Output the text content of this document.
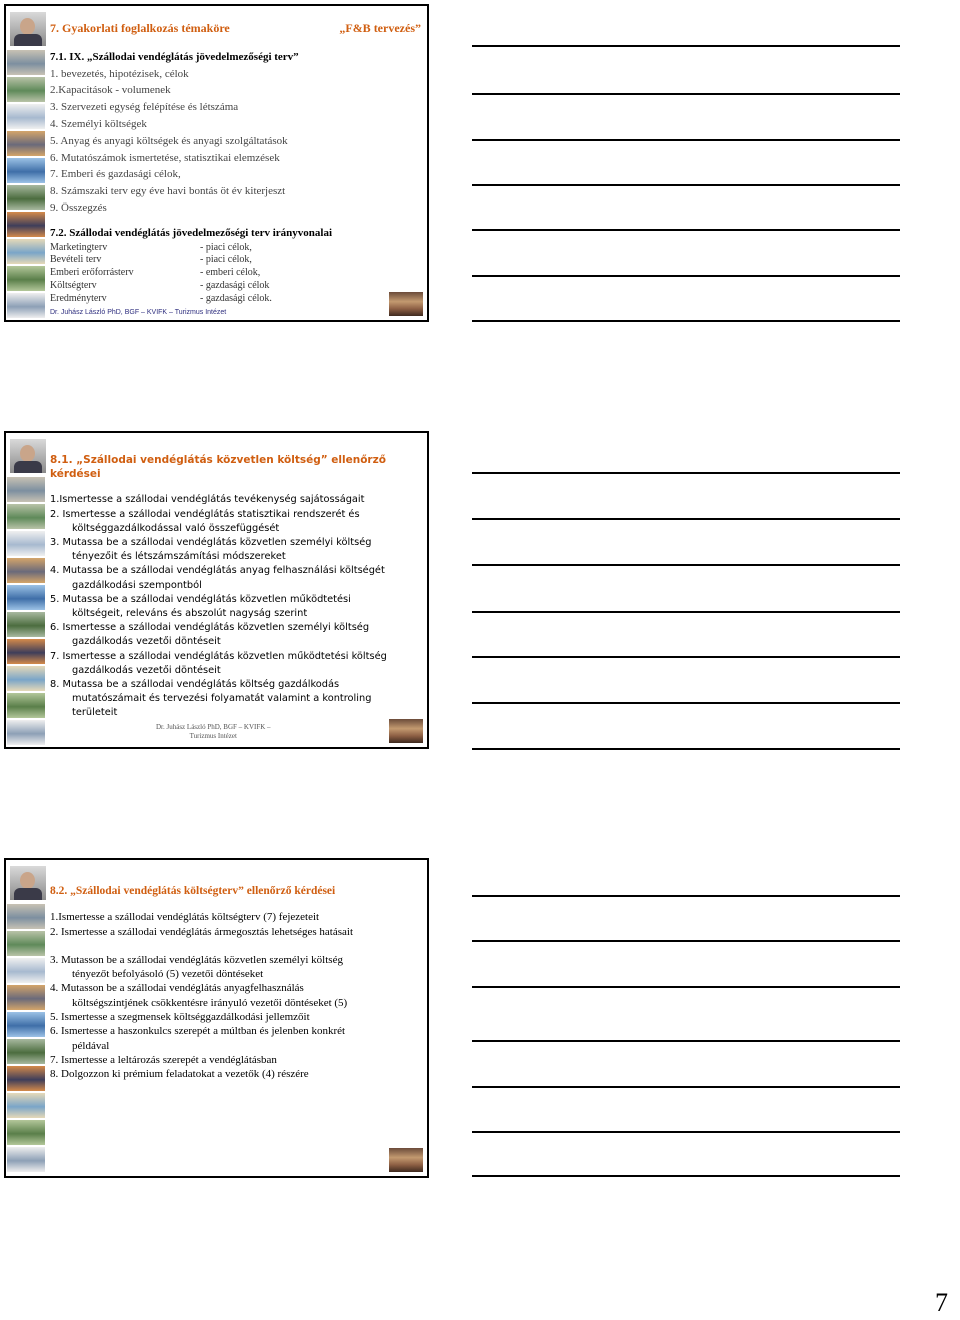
7
7. Gyakorlati foglalkozás témaköre	„F&B tervezés”
7.1. IX. „Szállodai vendéglátás jövedelmezőségi terv”
1. bevezetés, hipotézisek, célok
2.Kapacitások - volumenek
3. Szervezeti egység felépítése és létszáma
4. Személyi költségek
5. Anyag és anyagi költségek és anyagi szolgáltatások
6. Mutatószámok ismertetése, statisztikai elemzések
7. Emberi és gazdasági célok,
8. Számszaki terv egy éve havi bontás öt év kiterjeszt
9. Összegzés
7.2. Szállodai vendéglátás jövedelmezőségi terv irányvonalai
Marketingterv	- piaci célok,
Bevételi terv	- piaci célok,
Emberi erőforrásterv	- emberi célok,
Költségterv	- gazdasági célok
Eredményterv	- gazdasági célok.
Dr. Juhász László PhD, BGF – KVIFK – Turizmus Intézet
8.1. „Szállodai vendéglátás közvetlen költség” ellenőrző kérdései
1.Ismertesse a szállodai vendéglátás tevékenység sajátosságait
2. Ismertesse a szállodai vendéglátás statisztikai rendszerét és
költséggazdálkodással való összefüggését
3. Mutassa be a szállodai vendéglátás közvetlen személyi költség
tényezőit és létszámszámítási módszereket
4. Mutassa be a szállodai vendéglátás anyag felhasználási költségét
gazdálkodási szempontból
5. Mutassa be a szállodai vendéglátás közvetlen működtetési
költségeit, releváns és abszolút nagyság szerint
6. Ismertesse a szállodai vendéglátás közvetlen személyi költség
gazdálkodás vezetői döntéseit
7. Ismertesse a szállodai vendéglátás közvetlen működtetési költség
gazdálkodás vezetői döntéseit
8. Mutassa be a szállodai vendéglátás költség gazdálkodás
mutatószámait és tervezési folyamatát valamint a kontroling
területeit
Dr. Juhász László PhD, BGF – KVIFK –
Turizmus Intézet
8.2. „Szállodai vendéglátás költségterv” ellenőrző kérdései
1.Ismertesse a szállodai vendéglátás költségterv (7) fejezeteit
2. Ismertesse a szállodai vendéglátás ármegosztás lehetséges hatásait
3. Mutasson be a szállodai vendéglátás közvetlen személyi költség
tényezőt befolyásoló (5) vezetői döntéseket
4. Mutasson be a szállodai vendéglátás anyagfelhasználás
költségszintjének csökkentésre irányuló vezetői döntéseket (5)
5. Ismertesse a szegmensek költséggazdálkodási jellemzőit
6. Ismertesse a haszonkulcs szerepét a múltban és jelenben konkrét
példával
7. Ismertesse a leltározás szerepét a vendéglátásban
8. Dolgozzon ki prémium feladatokat a vezetők (4) részére
